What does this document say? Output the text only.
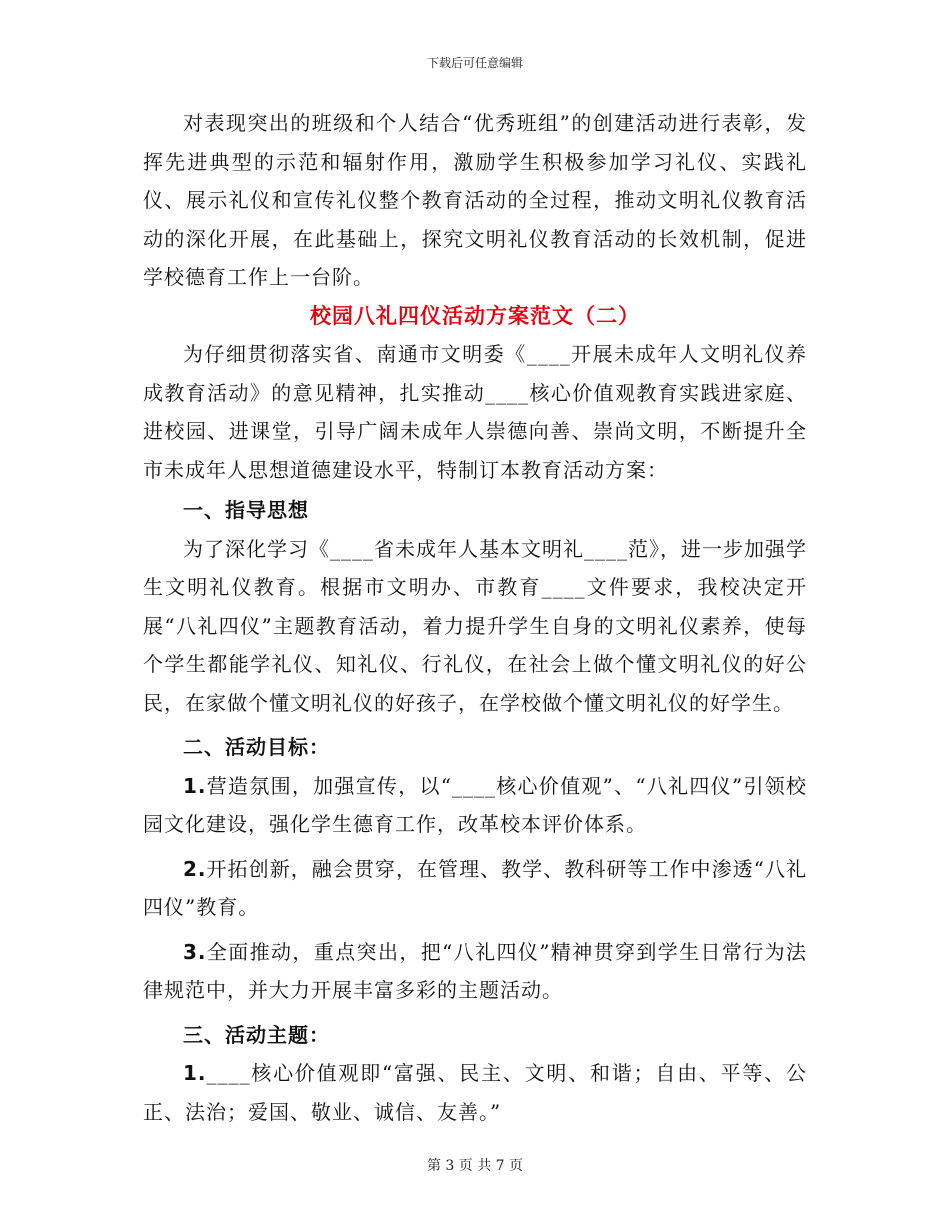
下载后可任意编辑

对表现突出的班级和个人结合“优秀班组”的创建活动进行表彰，发挥先进典型的示范和辐射作用，激励学生积极参加学习礼仪、实践礼仪、展示礼仪和宣传礼仪整个教育活动的全过程，推动文明礼仪教育活动的深化开展，在此基础上，探究文明礼仪教育活动的长效机制，促进学校德育工作上一台阶。

校园八礼四仪活动方案范文（二）

为仔细贯彻落实省、南通市文明委《____开展未成年人文明礼仪养成教育活动》的意见精神，扎实推动____核心价值观教育实践进家庭、进校园、进课堂，引导广阔未成年人崇德向善、崇尚文明，不断提升全市未成年人思想道德建设水平，特制订本教育活动方案：

一、指导思想

为了深化学习《____省未成年人基本文明礼____范》，进一步加强学生文明礼仪教育。根据市文明办、市教育____文件要求，我校决定开展“八礼四仪”主题教育活动，着力提升学生自身的文明礼仪素养，使每个学生都能学礼仪、知礼仪、行礼仪，在社会上做个懂文明礼仪的好公民，在家做个懂文明礼仪的好孩子，在学校做个懂文明礼仪的好学生。

二、活动目标：

1.营造氛围，加强宣传，以“____核心价值观”、“八礼四仪”引领校园文化建设，强化学生德育工作，改革校本评价体系。

2.开拓创新，融会贯穿，在管理、教学、教科研等工作中渗透“八礼四仪”教育。

3.全面推动，重点突出，把“八礼四仪”精神贯穿到学生日常行为法律规范中，并大力开展丰富多彩的主题活动。

三、活动主题：

1.____核心价值观即“富强、民主、文明、和谐；自由、平等、公正、法治；爱国、敬业、诚信、友善。”

第 3 页 共 7 页
